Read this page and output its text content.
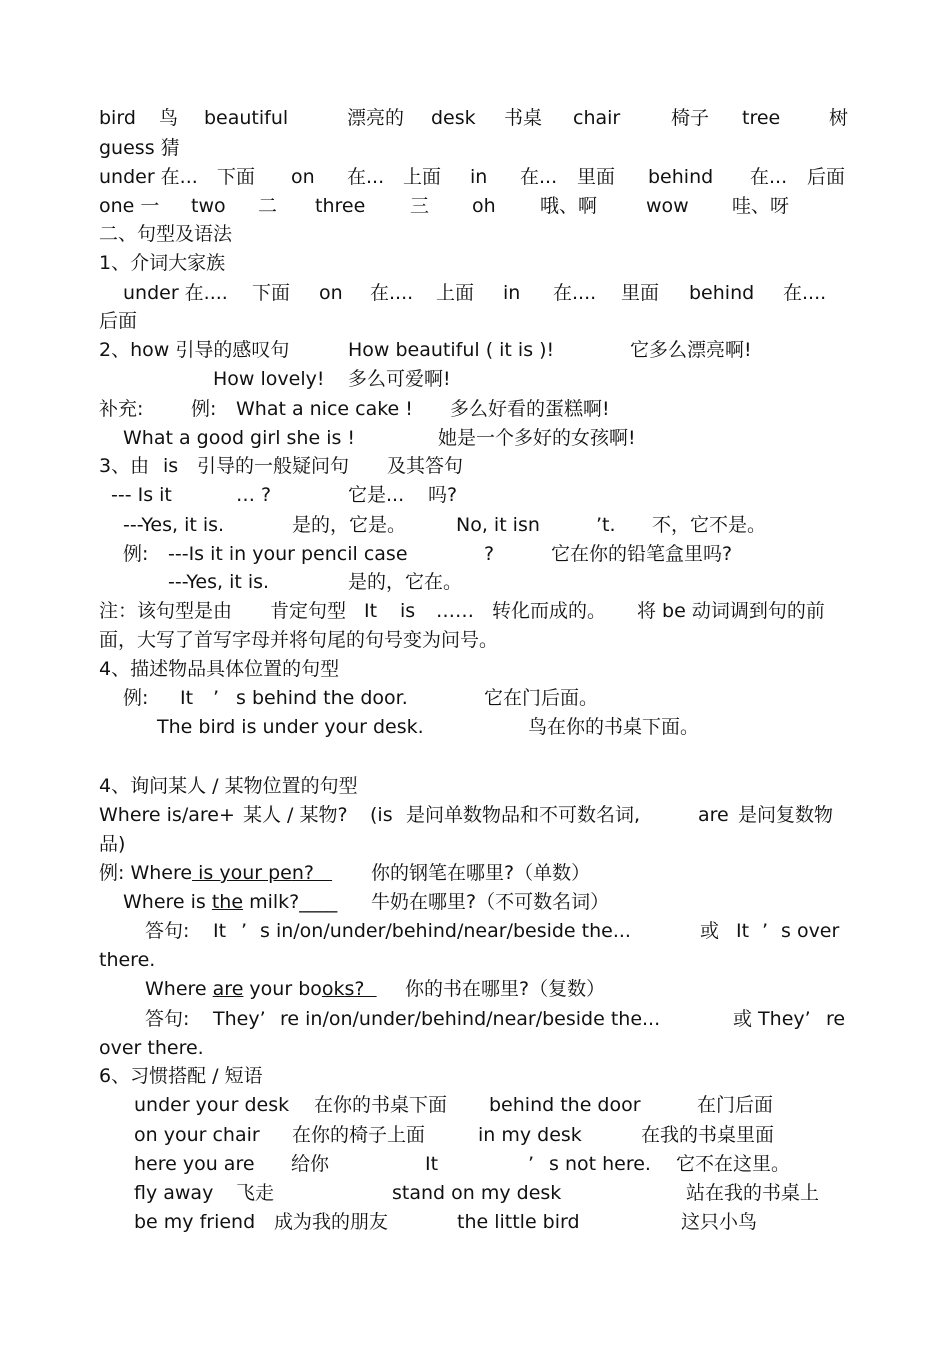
bird 鸟 beautiful	漂亮的 desk 书桌 chair	椅子 tree	树
guess 猜
under 在... 下面 on 在... 上面 in 在... 里面 behind 在... 后面
one 一 two 二 three 三 oh 哦、啊	wow 哇、呀
二、句型及语法
1、介词大家族
under 在.... 下面 on 在.... 上面 in 在.... 里面 behind 在....
后面
2、how 引导的感叹句	How beautiful ( it is )!	它多么漂亮啊!
How lovely! 多么可爱啊!
补充:	例: What a nice cake ! 多么好看的蛋糕啊!
What a good girl she is !	她是一个多好的女孩啊!
3、由 is 引导的一般疑问句 及其答句
--- Is it	… ?	它是... 吗?
---Yes, it is.	是的，它是。	No, it isn	’t. 不，它不是。
例: ---Is it in your pencil case	?	它在你的铅笔盒里吗?
---Yes, it is.	是的，它在。
注：该句型是由 肯定句型 It is …… 转化而成的。 将 be 动词调到句的前
面，大写了首写字母并将句尾的句号变为问号。
4、描述物品具体位置的句型
例: It ’ s behind the door.	它在门后面。
The bird is under your desk.	鸟在你的书桌下面。
4、询问某人 / 某物位置的句型
Where is/are+ 某人 / 某物? (is 是问单数物品和不可数名词,	are 是问复数物
品)
例: Where is your pen?	你的钢笔在哪里?（单数）
Where is the milk?____ 牛奶在哪里?（不可数名词）
答句: It ’ s in/on/under/behind/near/beside the...	或 It ’ s over
there.
Where are your books?	你的书在哪里?（复数）
答句: They’ re in/on/under/behind/near/beside the...	或 They’ re
over there.
6、习惯搭配 / 短语
under your desk 在你的书桌下面 behind the door	在门后面
on your chair 在你的椅子上面	in my desk	在我的书桌里面
here you are 给你	It	’ s not here. 它不在这里。
fly away 飞走	stand on my desk	站在我的书桌上
be my friend 成为我的朋友	the little bird	这只小鸟
